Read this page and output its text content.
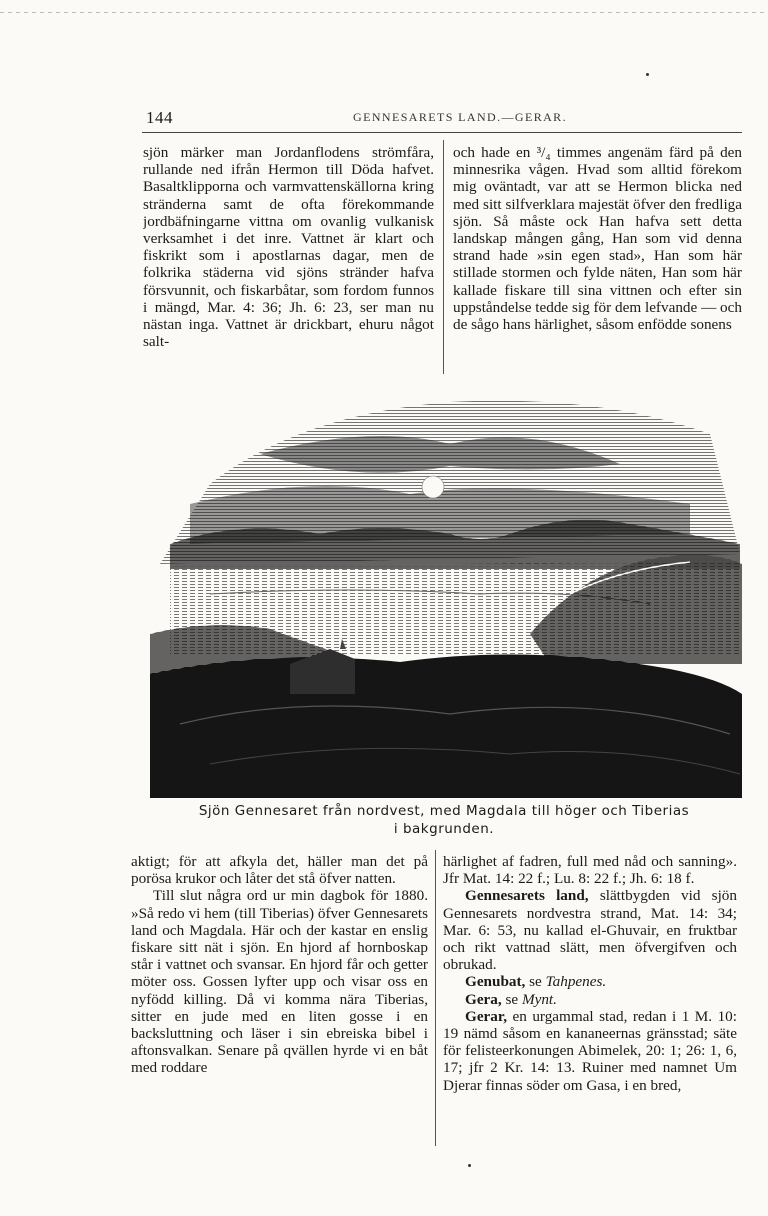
144	GENNESARETS LAND.—GERAR.

sjön märker man Jordanflodens strömfåra, rullande ned ifrån Hermon till Döda hafvet. Basaltklipporna och varmvattenskällorna kring stränderna samt de ofta förekommande jordbäfningarne vittna om ovanlig vulkanisk verksamhet i det inre. Vattnet är klart och fiskrikt som i apostlarnas dagar, men de folkrika städerna vid sjöns stränder hafva försvunnit, och fiskarbåtar, som fordom funnos i mängd, Mar. 4: 36; Jh. 6: 23, ser man nu nästan inga. Vattnet är drickbart, ehuru något salt-

och hade en ³/₄ timmes angenäm färd på den minnesrika vågen. Hvad som alltid förekom mig oväntadt, var att se Hermon blicka ned med sitt silfverklara majestät öfver den fredliga sjön. Så måste ock Han hafva sett detta landskap mången gång, Han som vid denna strand hade »sin egen stad», Han som här stillade stormen och fylde näten, Han som här kallade fiskare till sina vittnen och efter sin uppståndelse tedde sig för dem lefvande — och de sågo hans härlighet, såsom enfödde sonens

Sjön Gennesaret från nordvest, med Magdala till höger och Tiberias
i bakgrunden.

aktigt; för att afkyla det, häller man det på porösa krukor och låter det stå öfver natten.

Till slut några ord ur min dagbok för 1880. »Så redo vi hem (till Tiberias) öfver Gennesarets land och Magdala. Här och der kastar en enslig fiskare sitt nät i sjön. En hjord af hornboskap står i vattnet och svansar. En hjord får och getter möter oss. Gossen lyfter upp och visar oss en nyfödd killing. Då vi komma nära Tiberias, sitter en jude med en liten gosse i en backsluttning och läser i sin ebreiska bibel i aftonsvalkan. Senare på qvällen hyrde vi en båt med roddare

härlighet af fadren, full med nåd och sanning». Jfr Mat. 14: 22 f.; Lu. 8: 22 f.; Jh. 6: 18 f.

Gennesarets land, slättbygden vid sjön Gennesarets nordvestra strand, Mat. 14: 34; Mar. 6: 53, nu kallad el-Ghuvair, en fruktbar och rikt vattnad slätt, men öfvergifven och obrukad.

Genubat, se Tahpenes.

Gera, se Mynt.

Gerar, en urgammal stad, redan i 1 M. 10: 19 nämd såsom en kananeernas gränsstad; säte för felisteerkonungen Abimelek, 20: 1; 26: 1, 6, 17; jfr 2 Kr. 14: 13. Ruiner med namnet Um Djerar finnas söder om Gasa, i en bred,
